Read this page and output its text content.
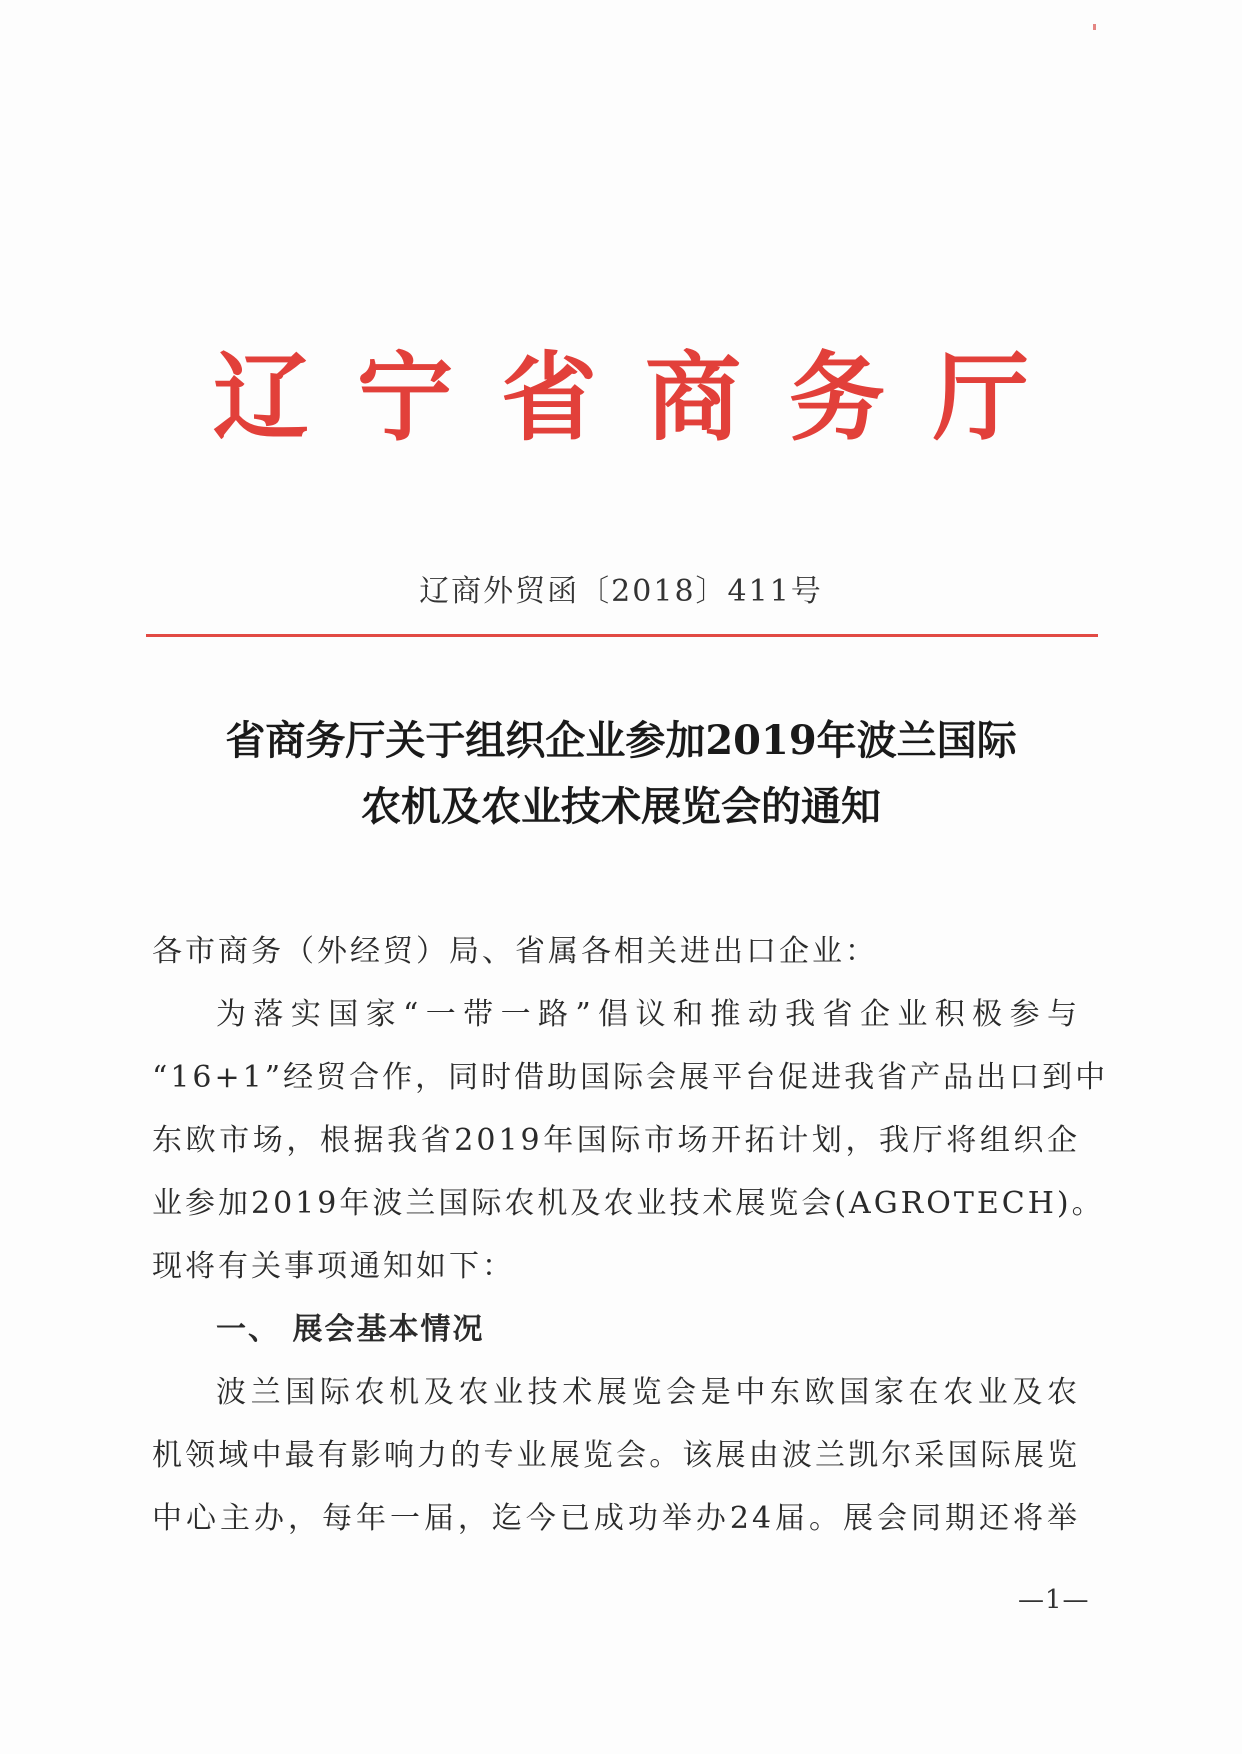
辽宁省商务厅
辽商外贸函〔2018〕411号
省商务厅关于组织企业参加2019年波兰国际
农机及农业技术展览会的通知
各市商务（外经贸）局、省属各相关进出口企业：
为落实国家“一带一路”倡议和推动我省企业积极参与
“16+1”经贸合作，同时借助国际会展平台促进我省产品出口到中
东欧市场，根据我省2019年国际市场开拓计划，我厅将组织企
业参加2019年波兰国际农机及农业技术展览会(AGROTECH)。
现将有关事项通知如下：
一、 展会基本情况
波兰国际农机及农业技术展览会是中东欧国家在农业及农
机领域中最有影响力的专业展览会。该展由波兰凯尔采国际展览
中心主办，每年一届，迄今已成功举办24届。展会同期还将举
—1—
